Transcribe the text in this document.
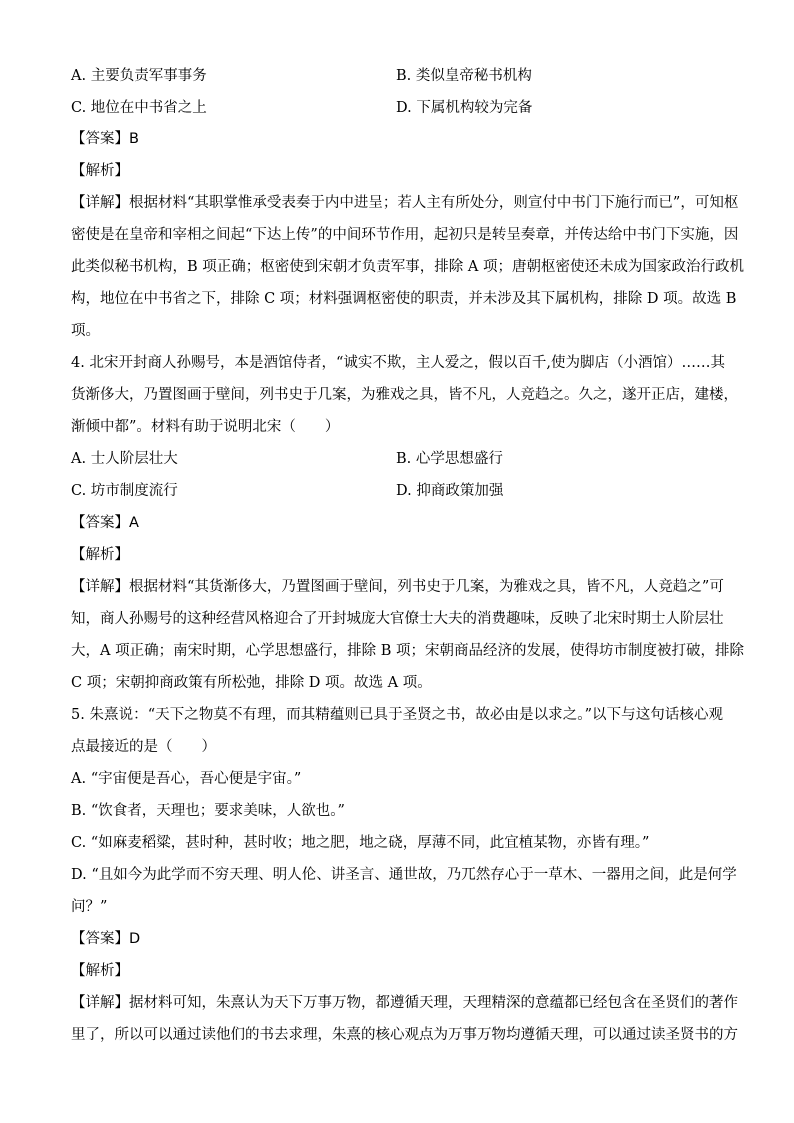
A. 主要负责军事事务	B. 类似皇帝秘书机构
C. 地位在中书省之上	D. 下属机构较为完备
【答案】B
【解析】
【详解】根据材料“其职掌惟承受表奏于内中进呈；若人主有所处分，则宣付中书门下施行而已”，可知枢
密使是在皇帝和宰相之间起“下达上传”的中间环节作用，起初只是转呈奏章，并传达给中书门下实施，因
此类似秘书机构，B 项正确；枢密使到宋朝才负责军事，排除 A 项；唐朝枢密使还未成为国家政治行政机
构，地位在中书省之下，排除 C 项；材料强调枢密使的职责，并未涉及其下属机构，排除 D 项。故选 B
项。
4. 北宋开封商人孙赐号，本是酒馆侍者，“诚实不欺，主人爱之，假以百千,使为脚店（小酒馆）……其
货渐侈大，乃置图画于壁间，列书史于几案，为雅戏之具，皆不凡，人竞趋之。久之，遂开正店，建楼，
渐倾中都”。材料有助于说明北宋（　　）
A. 士人阶层壮大	B. 心学思想盛行
C. 坊市制度流行	D. 抑商政策加强
【答案】A
【解析】
【详解】根据材料“其货渐侈大，乃置图画于壁间，列书史于几案，为雅戏之具，皆不凡，人竞趋之”可
知，商人孙赐号的这种经营风格迎合了开封城庞大官僚士大夫的消费趣味，反映了北宋时期士人阶层壮
大，A 项正确；南宋时期，心学思想盛行，排除 B 项；宋朝商品经济的发展，使得坊市制度被打破，排除
C 项；宋朝抑商政策有所松弛，排除 D 项。故选 A 项。
5. 朱熹说：“天下之物莫不有理，而其精蕴则已具于圣贤之书，故必由是以求之。”以下与这句话核心观
点最接近的是（　　）
A. “宇宙便是吾心，吾心便是宇宙。”
B. “饮食者，天理也；要求美味，人欲也。”
C. “如麻麦稻粱，甚时种，甚时收；地之肥，地之硗，厚薄不同，此宜植某物，亦皆有理。”
D. “且如今为此学而不穷天理、明人伦、讲圣言、通世故，乃兀然存心于一草木、一器用之间，此是何学
问？”
【答案】D
【解析】
【详解】据材料可知，朱熹认为天下万事万物，都遵循天理，天理精深的意蕴都已经包含在圣贤们的著作
里了，所以可以通过读他们的书去求理，朱熹的核心观点为万事万物均遵循天理，可以通过读圣贤书的方
